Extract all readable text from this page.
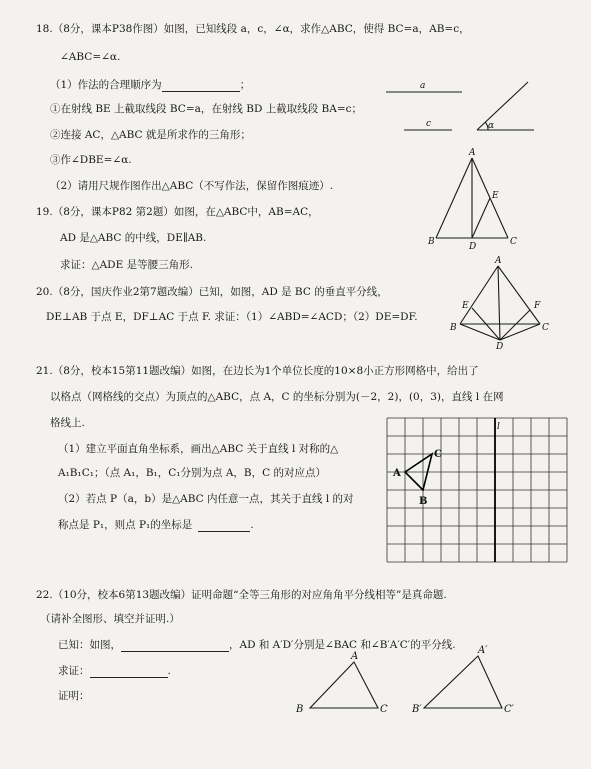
18.（8分，课本P38作图）如图，已知线段 a，c，∠α，求作△ABC，使得 BC=a，AB=c，
∠ABC=∠α.
（1）作法的合理顺序为	；
①在射线 BE 上截取线段 BC=a，在射线 BD 上截取线段 BA=c；
②连接 AC，△ABC 就是所求作的三角形；
③作∠DBE=∠α.
（2）请用尺规作图作出△ABC（不写作法，保留作图痕迹）.
a
c	α
19.（8分，课本P82 第2题）如图，在△ABC中，AB=AC，
AD 是△ABC 的中线，DE∥AB.
求证：△ADE 是等腰三角形.
A
B	C
D
E
20.（8分，国庆作业2第7题改编）已知，如图，AD 是 BC 的垂直平分线，
DE⊥AB 于点 E，DF⊥AC 于点 F. 求证：（1）∠ABD=∠ACD；（2）DE=DF.
A
B	C
D
E	F
21.（8分，校本15第11题改编）如图，在边长为1个单位长度的10×8小正方形网格中，给出了
以格点（网格线的交点）为顶点的△ABC，点 A，C 的坐标分别为(－2，2)，(0，3)，直线 l 在网
格线上.
（1）建立平面直角坐标系，画出△ABC 关于直线 l 对称的△
A₁B₁C₁；（点 A₁，B₁，C₁分别为点 A，B，C 的对应点）
（2）若点 P（a，b）是△ABC 内任意一点，其关于直线 l 的对
称点是 P₁，则点 P₁的坐标是	.
l
A
C
B
22.（10分，校本6第13题改编）证明命题“全等三角形的对应角角平分线相等”是真命题.
（请补全图形、填空并证明.）
已知：如图，	，AD 和 A′D′分别是∠BAC 和∠B′A′C′的平分线.
求证：	.
证明：
A
B	C
A′
B′	C′
